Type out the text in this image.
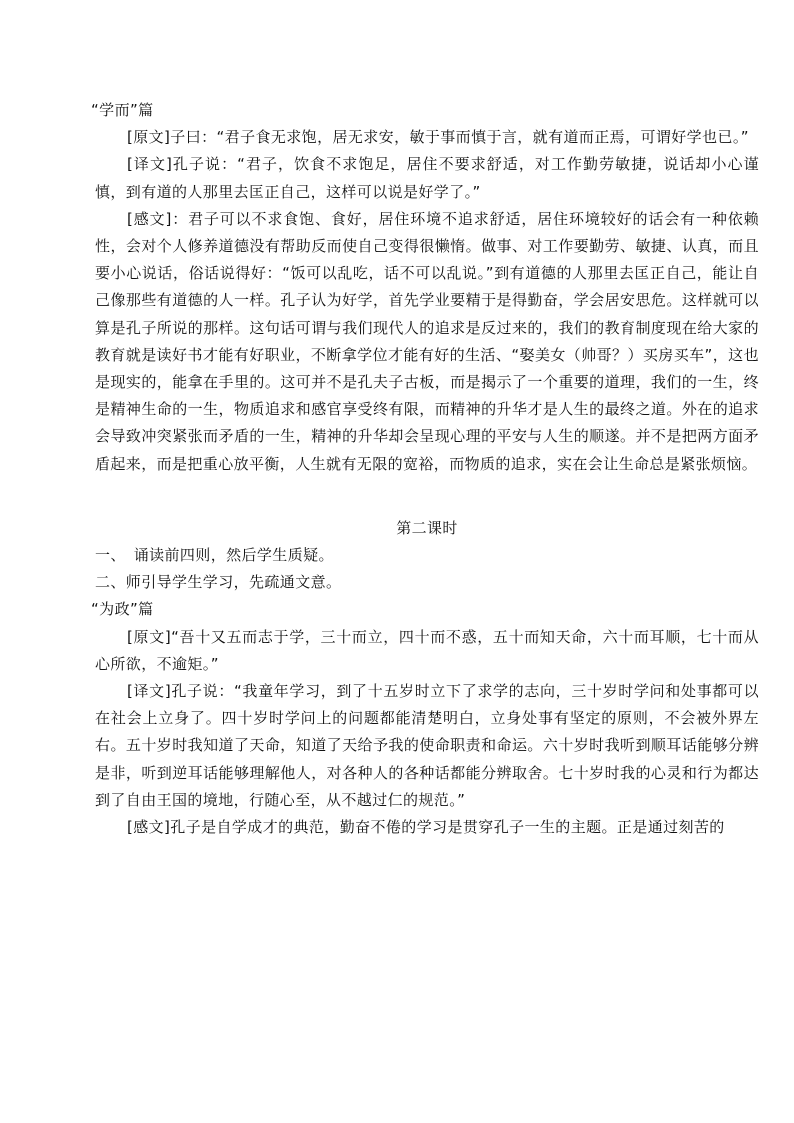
“学而”篇

[原文]子曰：“君子食无求饱，居无求安，敏于事而慎于言，就有道而正焉，可谓好学也已。”

[译文]孔子说：“君子，饮食不求饱足，居住不要求舒适，对工作勤劳敏捷，说话却小心谨慎，到有道的人那里去匡正自己，这样可以说是好学了。”

[感文]：君子可以不求食饱、食好，居住环境不追求舒适，居住环境较好的话会有一种依赖性，会对个人修养道德没有帮助反而使自己变得很懒惰。做事、对工作要勤劳、敏捷、认真，而且要小心说话，俗话说得好：“饭可以乱吃，话不可以乱说。”到有道德的人那里去匡正自己，能让自己像那些有道德的人一样。孔子认为好学，首先学业要精于是得勤奋，学会居安思危。这样就可以算是孔子所说的那样。这句话可谓与我们现代人的追求是反过来的，我们的教育制度现在给大家的教育就是读好书才能有好职业，不断拿学位才能有好的生活、“娶美女（帅哥？）买房买车”，这也是现实的，能拿在手里的。这可并不是孔夫子古板，而是揭示了一个重要的道理，我们的一生，终是精神生命的一生，物质追求和感官享受终有限，而精神的升华才是人生的最终之道。外在的追求会导致冲突紧张而矛盾的一生，精神的升华却会呈现心理的平安与人生的顺遂。并不是把两方面矛盾起来，而是把重心放平衡，人生就有无限的宽裕，而物质的追求，实在会让生命总是紧张烦恼。

第二课时

一、　诵读前四则，然后学生质疑。

二、师引导学生学习，先疏通文意。

“为政”篇

[原文]“吾十又五而志于学，三十而立，四十而不惑，五十而知天命，六十而耳顺，七十而从心所欲，不逾矩。”

[译文]孔子说：“我童年学习，到了十五岁时立下了求学的志向，三十岁时学问和处事都可以在社会上立身了。四十岁时学问上的问题都能清楚明白，立身处事有坚定的原则，不会被外界左右。五十岁时我知道了天命，知道了天给予我的使命职责和命运。六十岁时我听到顺耳话能够分辨是非，听到逆耳话能够理解他人，对各种人的各种话都能分辨取舍。七十岁时我的心灵和行为都达到了自由王国的境地，行随心至，从不越过仁的规范。”

[感文]孔子是自学成才的典范，勤奋不倦的学习是贯穿孔子一生的主题。正是通过刻苦的
